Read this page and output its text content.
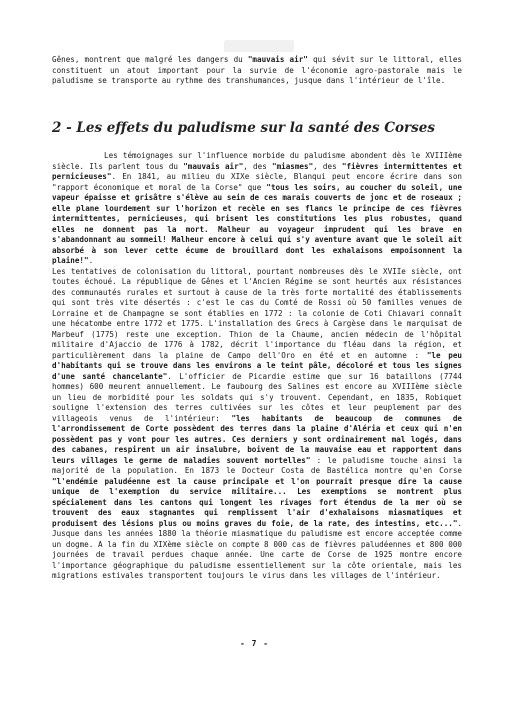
Gênes, montrent que malgré les dangers du "mauvais air" qui sévit sur le littoral, elles constituent un atout important pour la survie de l'économie agro-pastorale mais le paludisme se transporte au rythme des transhumances, jusque dans l'intérieur de l'île.

2 - Les effets du paludisme sur la santé des Corses

Les témoignages sur l'influence morbide du paludisme abondent dès le XVIIIème siècle. Ils parlent tous du "mauvais air", des "miasmes", des "fièvres intermittentes et pernicieuses". En 1841, au milieu du XIXe siècle, Blanqui peut encore écrire dans son "rapport économique et moral de la Corse" que "tous les soirs, au coucher du soleil, une vapeur épaisse et grisâtre s'élève au sein de ces marais couverts de jonc et de roseaux ; elle plane lourdement sur l'horizon et recèle en ses flancs le principe de ces fièvres intermittentes, pernicieuses, qui brisent les constitutions les plus robustes, quand elles ne donnent pas la mort. Malheur au voyageur imprudent qui les brave en s'abandonnant au sommeil! Malheur encore à celui qui s'y aventure avant que le soleil ait absorbé à son lever cette écume de brouillard dont les exhalaisons empoisonnent la plaine!".
Les tentatives de colonisation du littoral, pourtant nombreuses dès le XVIIe siècle, ont toutes échoué. La république de Gênes et l'Ancien Régime se sont heurtés aux résistances des communautés rurales et surtout à cause de la très forte mortalité des établissements qui sont très vite désertés : c'est le cas du Comté de Rossi où 50 familles venues de Lorraine et de Champagne se sont établies en 1772 : la colonie de Coti Chiavari connaît une hécatombe entre 1772 et 1775. L'installation des Grecs à Cargèse dans le marquisat de Marbeuf (1775) reste une exception. Thion de la Chaume, ancien médecin de l'hôpital militaire d'Ajaccio de 1776 à 1782, décrit l'importance du fléau dans la région, et particulièrement dans la plaine de Campo dell'Oro en été et en automne : "le peu d'habitants qui se trouve dans les environs a le teint pâle, décoloré et tous les signes d'une santé chancelante". L'officier de Picardie estime que sur 16 bataillons (7744 hommes) 600 meurent annuellement. Le faubourg des Salines est encore au XVIIIème siècle un lieu de morbidité pour les soldats qui s'y trouvent. Cependant, en 1835, Robiquet souligne l'extension des terres cultivées sur les côtes et leur peuplement par des villageois venus de l'intérieur: "les habitants de beaucoup de communes de l'arrondissement de Corte possèdent des terres dans la plaine d'Aléria et ceux qui n'en possèdent pas y vont pour les autres. Ces derniers y sont ordinairement mal logés, dans des cabanes, respirent un air insalubre, boivent de la mauvaise eau et rapportent dans leurs villages le germe de maladies souvent mortelles" : le paludisme touche ainsi la majorité de la population. En 1873 le Docteur Costa de Bastélica montre qu'en Corse "l'endémie paludéenne est la cause principale et l'on pourrait presque dire la cause unique de l'exemption du service militaire... Les exemptions se montrent plus spécialement dans les cantons qui longent les rivages fort étendus de la mer où se trouvent des eaux stagnantes qui remplissent l'air d'exhalaisons miasmatiques et produisent des lésions plus ou moins graves du foie, de la rate, des intestins, etc...". Jusque dans les années 1880 la théorie miasmatique du paludisme est encore acceptée comme un dogme. A la fin du XIXème siècle on compte 8 000 cas de fièvres paludéennes et 800 000 journées de travail perdues chaque année. Une carte de Corse de 1925 montre encore l'importance géographique du paludisme essentiellement sur la côte orientale, mais les migrations estivales transportent toujours le virus dans les villages de l'intérieur.

- 7 -
